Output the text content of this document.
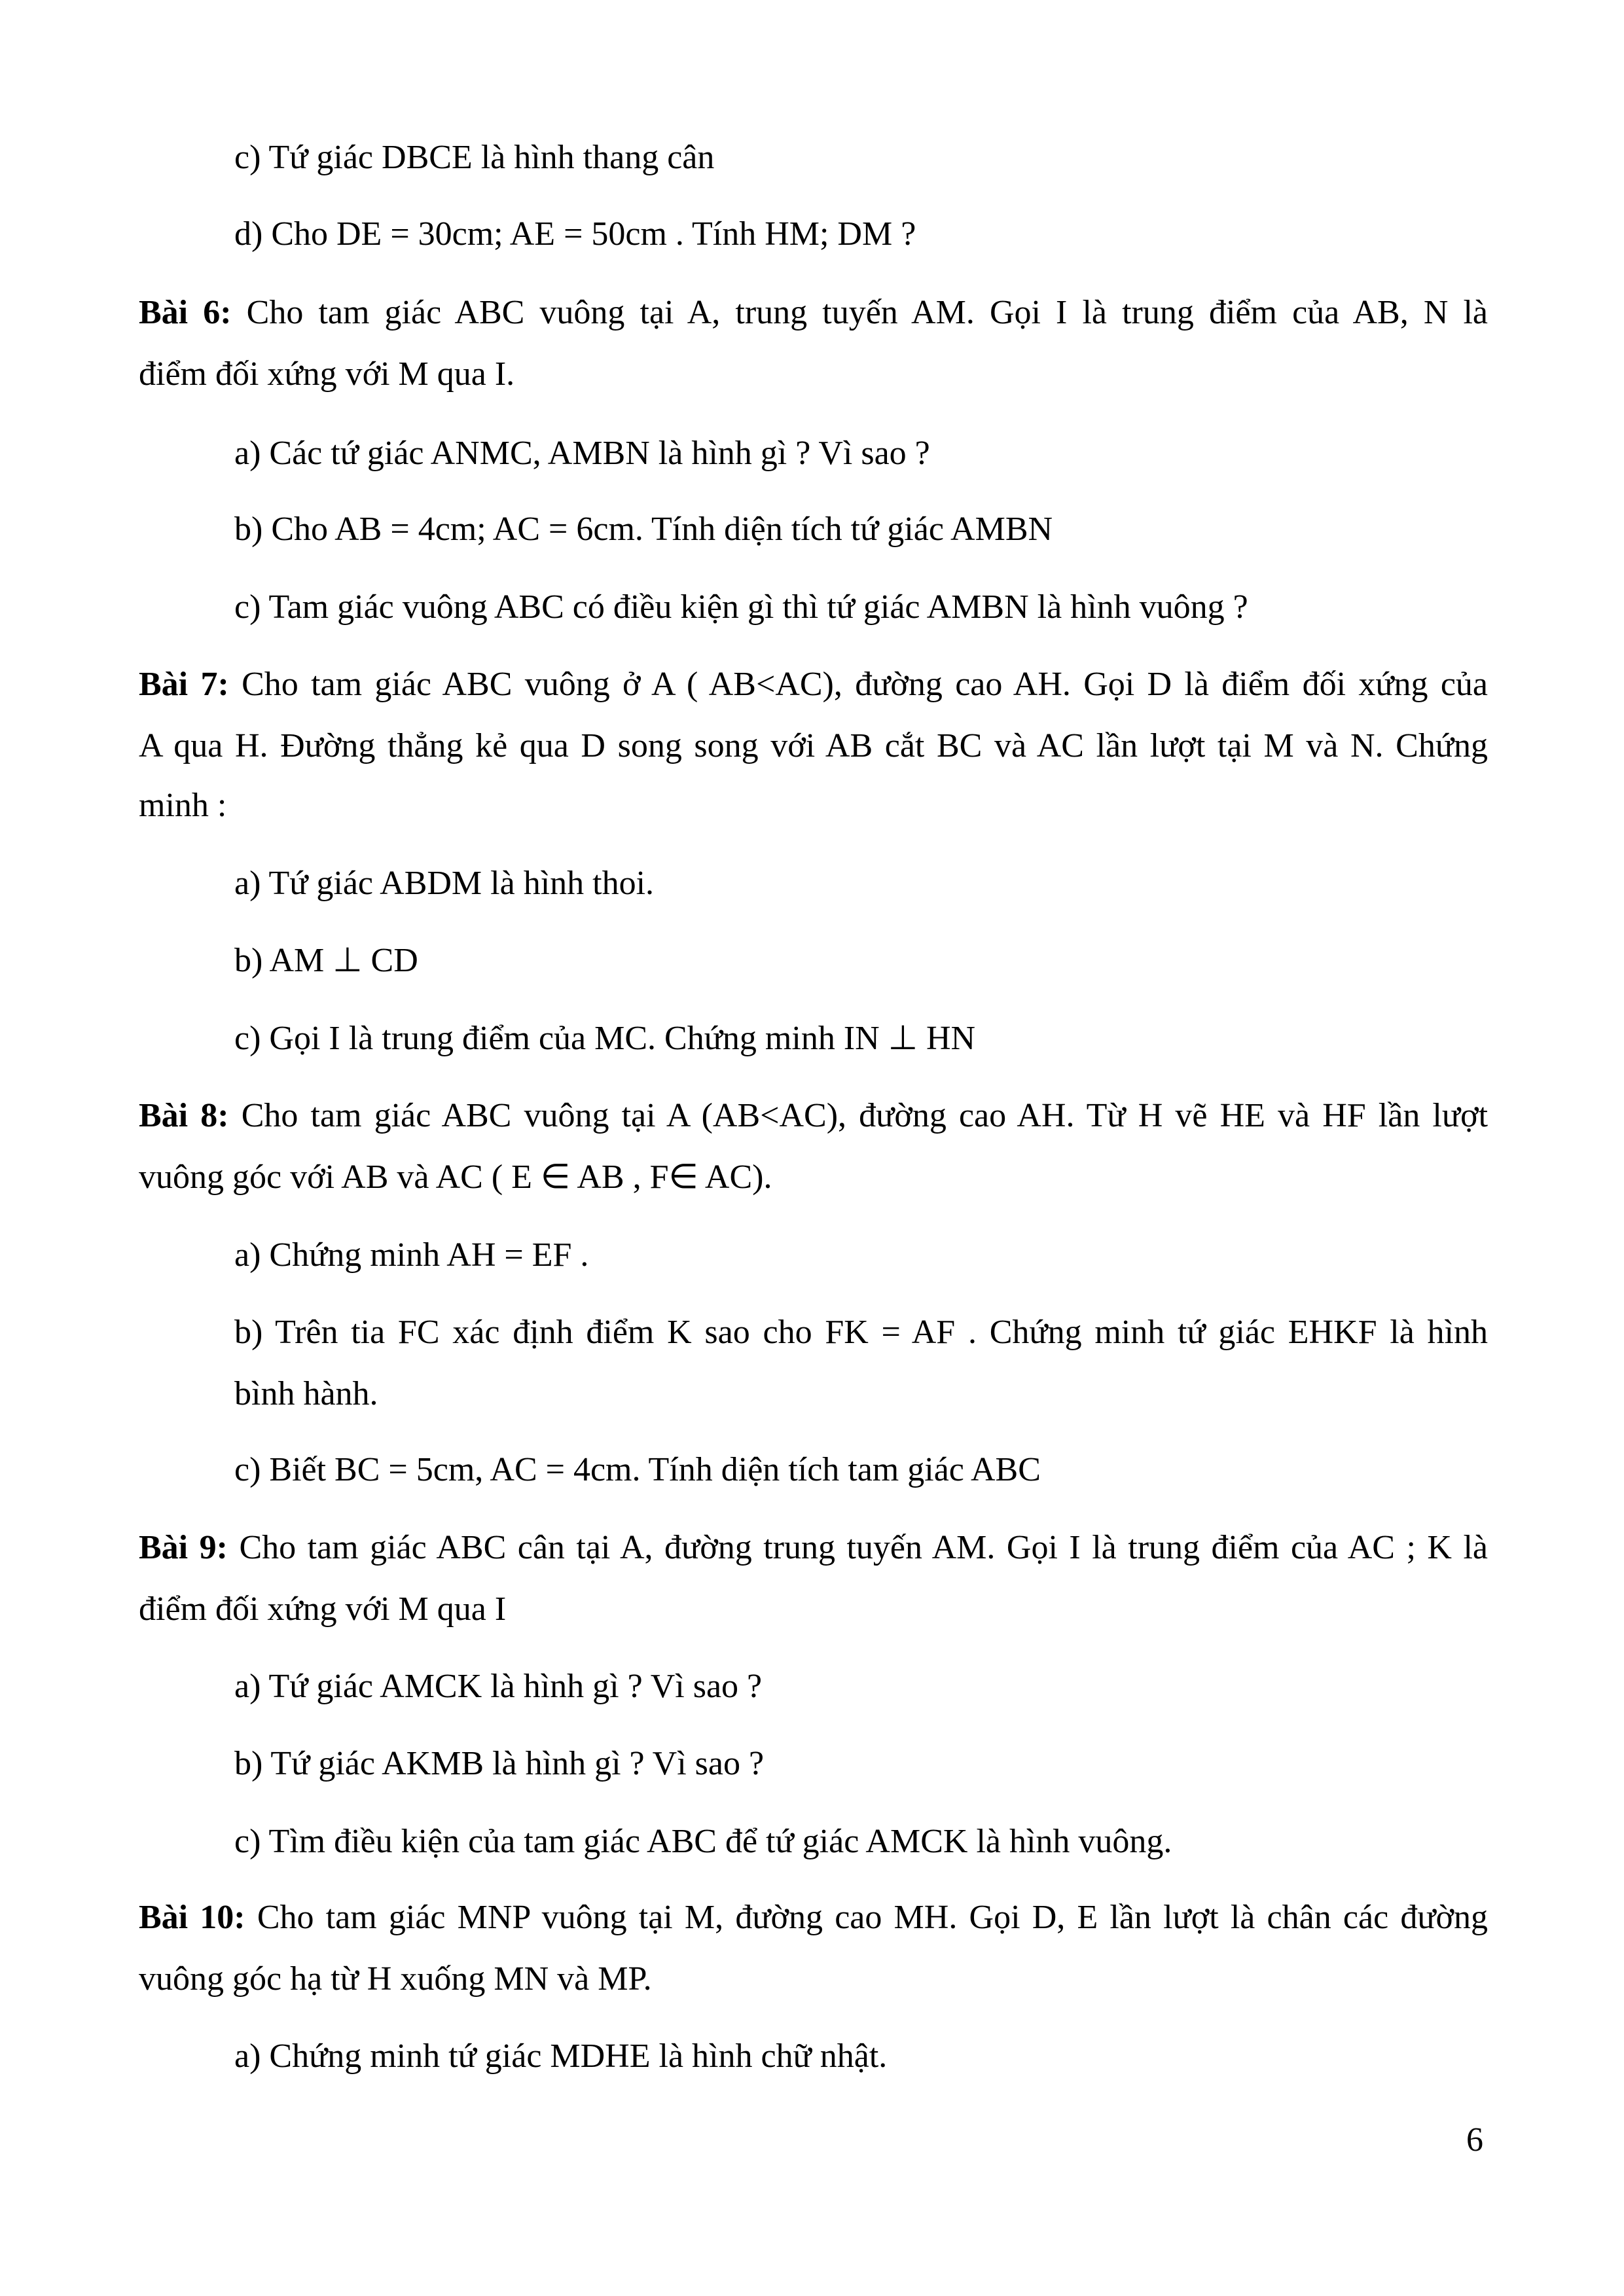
c) Tứ giác DBCE là hình thang cân
d) Cho DE = 30cm; AE = 50cm . Tính HM; DM ?
Bài 6: Cho tam giác ABC vuông tại A, trung tuyến AM. Gọi I là trung điểm của AB, N là
điểm đối xứng với M qua I.
a) Các tứ giác ANMC, AMBN là hình gì ? Vì sao ?
b) Cho AB = 4cm; AC = 6cm. Tính diện tích tứ giác AMBN
c) Tam giác vuông ABC có điều kiện gì thì tứ giác AMBN là hình vuông ?
Bài 7: Cho tam giác ABC vuông ở A ( AB<AC), đường cao AH. Gọi D là điểm đối xứng của
A qua H. Đường thẳng kẻ qua D song song với AB cắt BC và AC lần lượt tại M và N. Chứng
minh :
a) Tứ giác ABDM là hình thoi.
b) AM ⊥ CD
c) Gọi I là trung điểm của MC. Chứng minh IN ⊥ HN
Bài 8: Cho tam giác ABC vuông tại A (AB<AC), đường cao AH. Từ H vẽ HE và HF lần lượt
vuông góc với AB và AC ( E ∈ AB , F∈ AC).
a) Chứng minh AH = EF .
b) Trên tia FC xác định điểm K sao cho FK = AF . Chứng minh tứ giác EHKF là hình
bình hành.
c) Biết BC = 5cm, AC = 4cm. Tính diện tích tam giác ABC
Bài 9: Cho tam giác ABC cân tại A, đường trung tuyến AM. Gọi I là trung điểm của AC ; K là
điểm đối xứng với M qua I
a) Tứ giác AMCK là hình gì ? Vì sao ?
b) Tứ giác AKMB là hình gì ? Vì sao ?
c) Tìm điều kiện của tam giác ABC để tứ giác AMCK là hình vuông.
Bài 10: Cho tam giác MNP vuông tại M, đường cao MH. Gọi D, E lần lượt là chân các đường
vuông góc hạ từ H xuống MN và MP.
a) Chứng minh tứ giác MDHE là hình chữ nhật.
6
